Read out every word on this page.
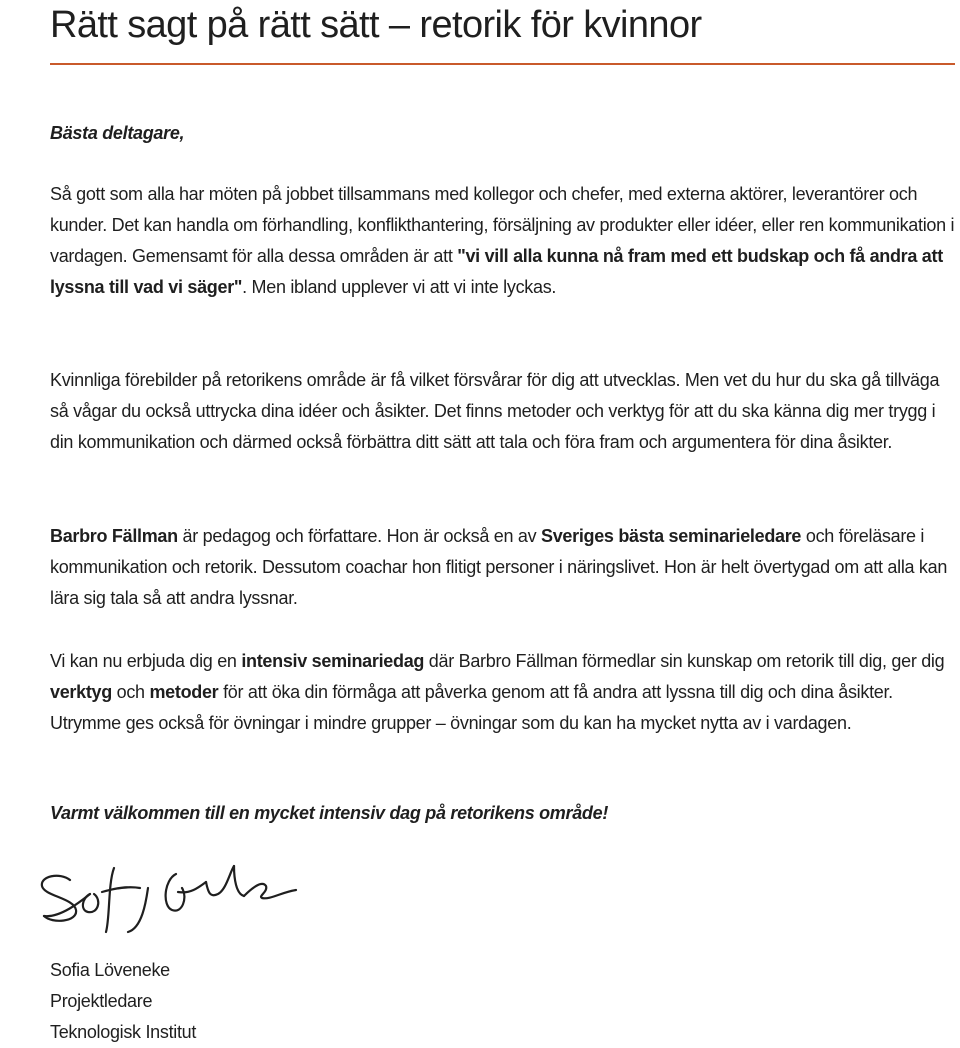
Rätt sagt på rätt sätt – retorik för kvinnor

Bästa deltagare,

Så gott som alla har möten på jobbet tillsammans med kollegor och chefer, med externa aktörer, leverantörer och kunder. Det kan handla om förhandling, konflikthantering, försäljning av produkter eller idéer, eller ren kommunikation i vardagen. Gemensamt för alla dessa områden är att "vi vill alla kunna nå fram med ett budskap och få andra att lyssna till vad vi säger". Men ibland upplever vi att vi inte lyckas.

Kvinnliga förebilder på retorikens område är få vilket försvårar för dig att utvecklas. Men vet du hur du ska gå tillväga så vågar du också uttrycka dina idéer och åsikter. Det finns metoder och verktyg för att du ska känna dig mer trygg i din kommunikation och därmed också förbättra ditt sätt att tala och föra fram och argumentera för dina åsikter.

Barbro Fällman är pedagog och författare. Hon är också en av Sveriges bästa seminarieledare och föreläsare i kommunikation och retorik. Dessutom coachar hon flitigt personer i näringslivet. Hon är helt övertygad om att alla kan lära sig tala så att andra lyssnar.

Vi kan nu erbjuda dig en intensiv seminariedag där Barbro Fällman förmedlar sin kunskap om retorik till dig, ger dig verktyg och metoder för att öka din förmåga att påverka genom att få andra att lyssna till dig och dina åsikter. Utrymme ges också för övningar i mindre grupper – övningar som du kan ha mycket nytta av i vardagen.

Varmt välkommen till en mycket intensiv dag på retorikens område!

Sofia Löveneke
Projektledare
Teknologisk Institut
